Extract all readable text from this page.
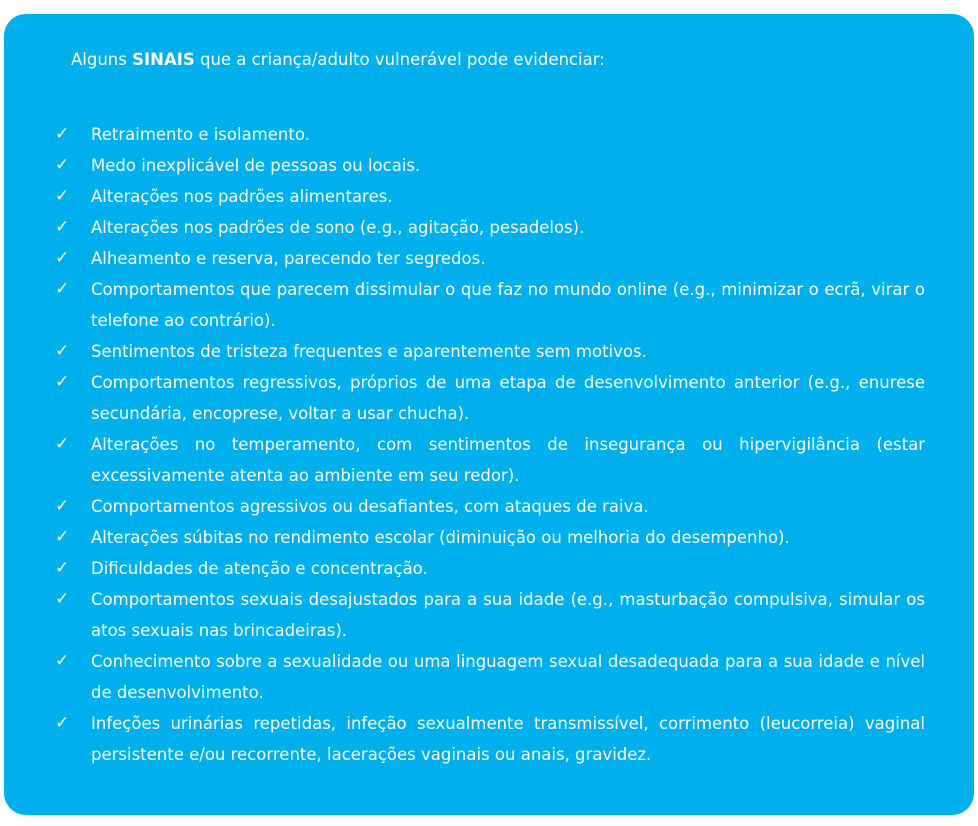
Alguns SINAIS que a criança/adulto vulnerável pode evidenciar:
✓	Retraimento e isolamento.
✓	Medo inexplicável de pessoas ou locais.
✓	Alterações nos padrões alimentares.
✓	Alterações nos padrões de sono (e.g., agitação, pesadelos).
✓	Alheamento e reserva, parecendo ter segredos.
✓	Comportamentos que parecem dissimular o que faz no mundo online (e.g., minimizar o ecrã, virar o telefone ao contrário).
✓	Sentimentos de tristeza frequentes e aparentemente sem motivos.
✓	Comportamentos regressivos, próprios de uma etapa de desenvolvimento anterior (e.g., enurese secundária, encoprese, voltar a usar chucha).
✓	Alterações no temperamento, com sentimentos de insegurança ou hipervigilância (estar excessivamente atenta ao ambiente em seu redor).
✓	Comportamentos agressivos ou desafiantes, com ataques de raiva.
✓	Alterações súbitas no rendimento escolar (diminuição ou melhoria do desempenho).
✓	Dificuldades de atenção e concentração.
✓	Comportamentos sexuais desajustados para a sua idade (e.g., masturbação compulsiva, simular os atos sexuais nas brincadeiras).
✓	Conhecimento sobre a sexualidade ou uma linguagem sexual desadequada para a sua idade e nível de desenvolvimento.
✓	Infeções urinárias repetidas, infeção sexualmente transmissível, corrimento (leucorreia) vaginal persistente e/ou recorrente, lacerações vaginais ou anais, gravidez.
